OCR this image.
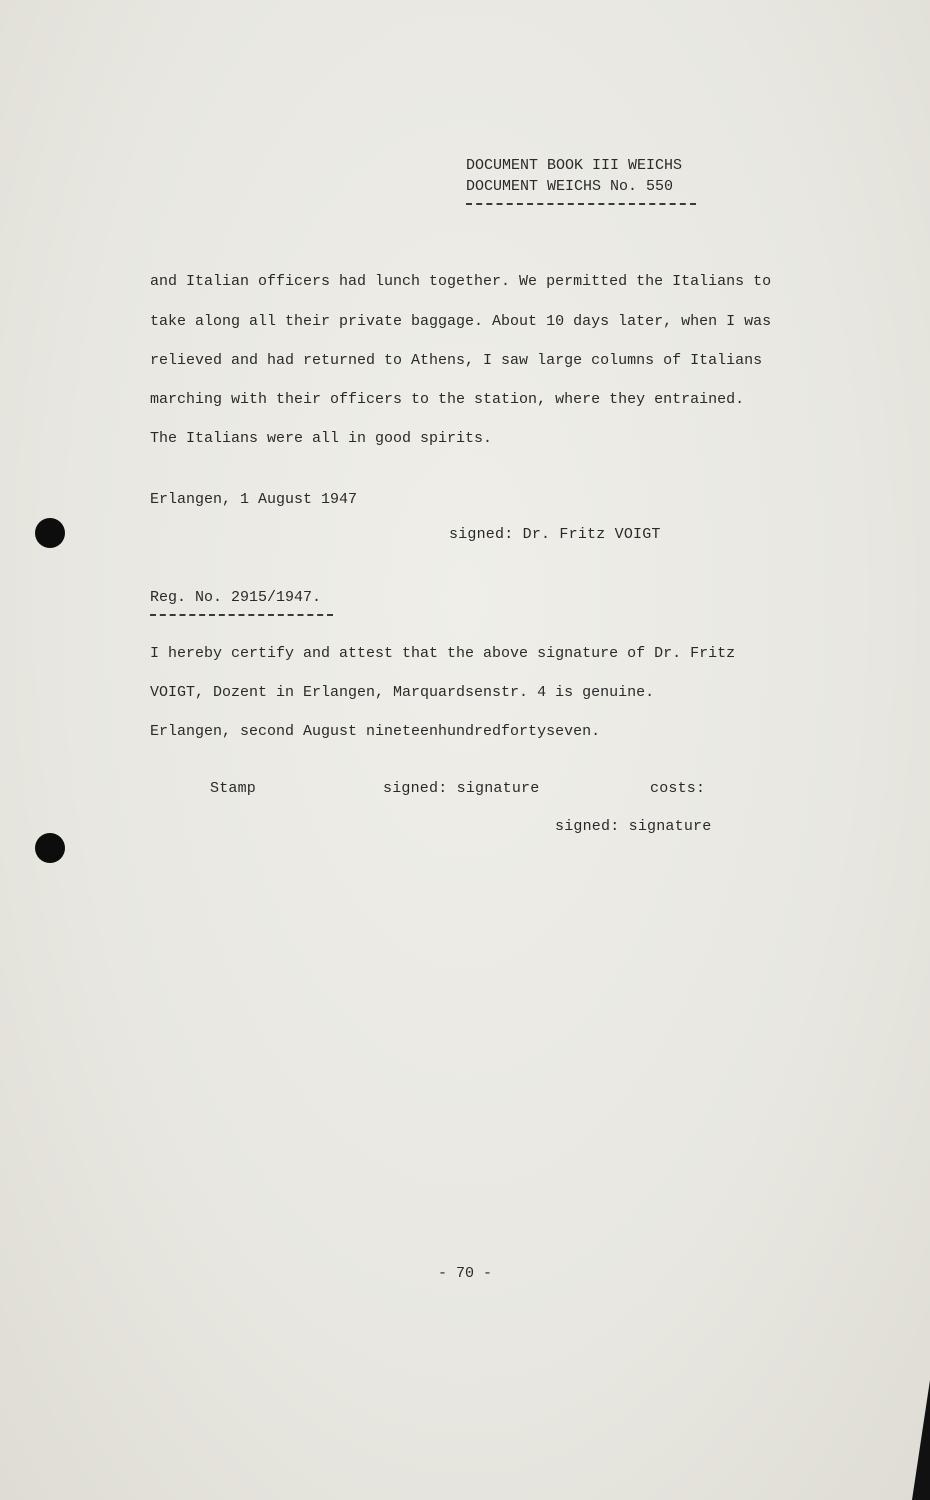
DOCUMENT BOOK III WEICHS
DOCUMENT WEICHS No. 550
and Italian officers had lunch together. We permitted the Italians to
take along all their private baggage. About 10 days later, when I was
relieved and had returned to Athens, I saw large columns of Italians
marching with their officers to the station, where they entrained.
The Italians were all in good spirits.
Erlangen, 1 August 1947
signed: Dr. Fritz VOIGT
Reg. No. 2915/1947.
I hereby certify and attest that the above signature of Dr. Fritz
VOIGT, Dozent in Erlangen, Marquardsenstr. 4 is genuine.
Erlangen, second August nineteenhundredfortyseven.
Stamp	signed: signature	costs:
signed: signature
- 70 -
